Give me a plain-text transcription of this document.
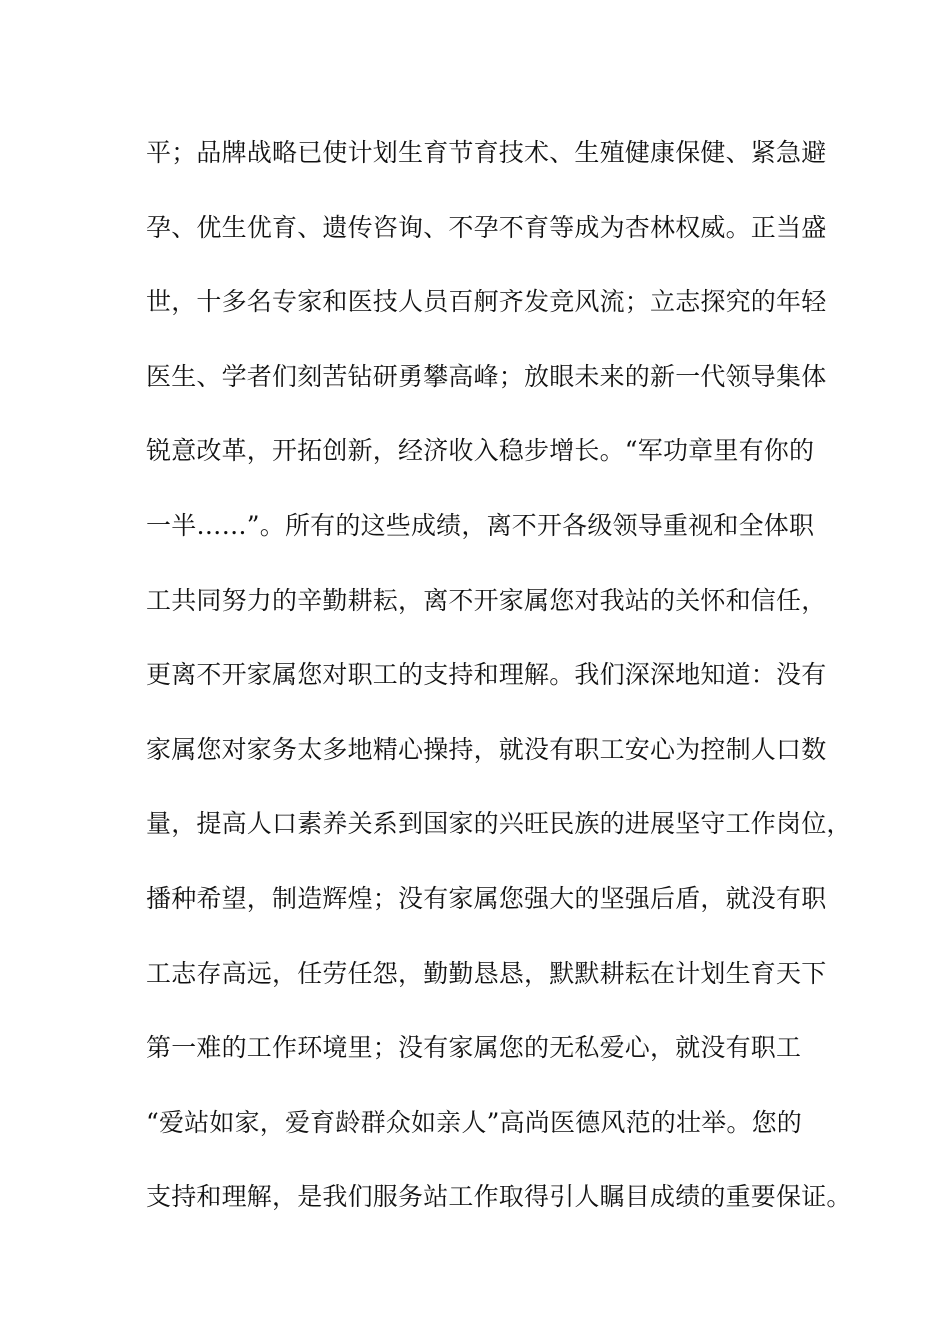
平；品牌战略已使计划生育节育技术、生殖健康保健、紧急避
孕、优生优育、遗传咨询、不孕不育等成为杏林权威。正当盛
世，十多名专家和医技人员百舸齐发竞风流；立志探究的年轻
医生、学者们刻苦钻研勇攀高峰；放眼未来的新一代领导集体
锐意改革，开拓创新，经济收入稳步增长。“军功章里有你的
一半……”。所有的这些成绩，离不开各级领导重视和全体职
工共同努力的辛勤耕耘，离不开家属您对我站的关怀和信任，
更离不开家属您对职工的支持和理解。我们深深地知道：没有
家属您对家务太多地精心操持，就没有职工安心为控制人口数
量，提高人口素养关系到国家的兴旺民族的进展坚守工作岗位，
播种希望，制造辉煌；没有家属您强大的坚强后盾，就没有职
工志存高远，任劳任怨，勤勤恳恳，默默耕耘在计划生育天下
第一难的工作环境里；没有家属您的无私爱心，就没有职工
“爱站如家，爱育龄群众如亲人”高尚医德风范的壮举。您的
支持和理解，是我们服务站工作取得引人瞩目成绩的重要保证。
